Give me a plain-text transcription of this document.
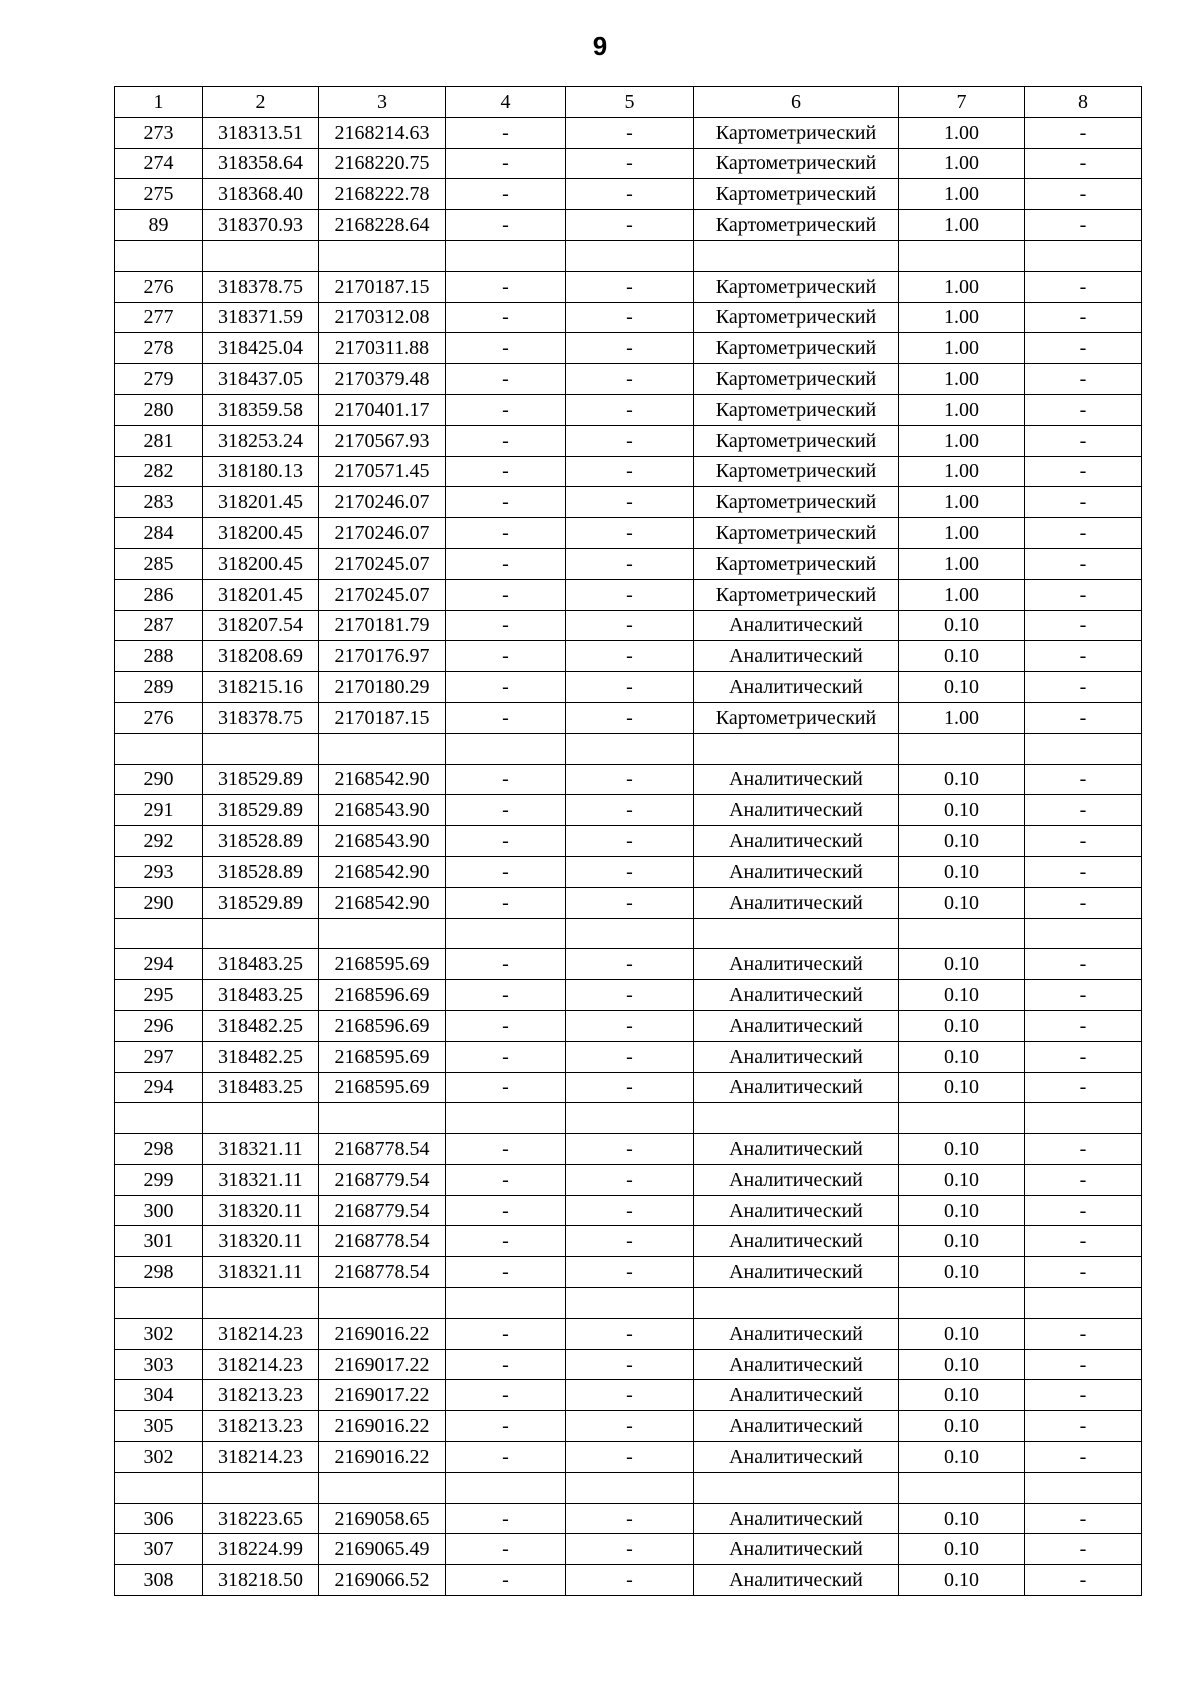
9
1	2	3	4	5	6	7	8
273	318313.51	2168214.63	-	-	Картометрический	1.00	-
274	318358.64	2168220.75	-	-	Картометрический	1.00	-
275	318368.40	2168222.78	-	-	Картометрический	1.00	-
89	318370.93	2168228.64	-	-	Картометрический	1.00	-

276	318378.75	2170187.15	-	-	Картометрический	1.00	-
277	318371.59	2170312.08	-	-	Картометрический	1.00	-
278	318425.04	2170311.88	-	-	Картометрический	1.00	-
279	318437.05	2170379.48	-	-	Картометрический	1.00	-
280	318359.58	2170401.17	-	-	Картометрический	1.00	-
281	318253.24	2170567.93	-	-	Картометрический	1.00	-
282	318180.13	2170571.45	-	-	Картометрический	1.00	-
283	318201.45	2170246.07	-	-	Картометрический	1.00	-
284	318200.45	2170246.07	-	-	Картометрический	1.00	-
285	318200.45	2170245.07	-	-	Картометрический	1.00	-
286	318201.45	2170245.07	-	-	Картометрический	1.00	-
287	318207.54	2170181.79	-	-	Аналитический	0.10	-
288	318208.69	2170176.97	-	-	Аналитический	0.10	-
289	318215.16	2170180.29	-	-	Аналитический	0.10	-
276	318378.75	2170187.15	-	-	Картометрический	1.00	-

290	318529.89	2168542.90	-	-	Аналитический	0.10	-
291	318529.89	2168543.90	-	-	Аналитический	0.10	-
292	318528.89	2168543.90	-	-	Аналитический	0.10	-
293	318528.89	2168542.90	-	-	Аналитический	0.10	-
290	318529.89	2168542.90	-	-	Аналитический	0.10	-

294	318483.25	2168595.69	-	-	Аналитический	0.10	-
295	318483.25	2168596.69	-	-	Аналитический	0.10	-
296	318482.25	2168596.69	-	-	Аналитический	0.10	-
297	318482.25	2168595.69	-	-	Аналитический	0.10	-
294	318483.25	2168595.69	-	-	Аналитический	0.10	-

298	318321.11	2168778.54	-	-	Аналитический	0.10	-
299	318321.11	2168779.54	-	-	Аналитический	0.10	-
300	318320.11	2168779.54	-	-	Аналитический	0.10	-
301	318320.11	2168778.54	-	-	Аналитический	0.10	-
298	318321.11	2168778.54	-	-	Аналитический	0.10	-

302	318214.23	2169016.22	-	-	Аналитический	0.10	-
303	318214.23	2169017.22	-	-	Аналитический	0.10	-
304	318213.23	2169017.22	-	-	Аналитический	0.10	-
305	318213.23	2169016.22	-	-	Аналитический	0.10	-
302	318214.23	2169016.22	-	-	Аналитический	0.10	-

306	318223.65	2169058.65	-	-	Аналитический	0.10	-
307	318224.99	2169065.49	-	-	Аналитический	0.10	-
308	318218.50	2169066.52	-	-	Аналитический	0.10	-
